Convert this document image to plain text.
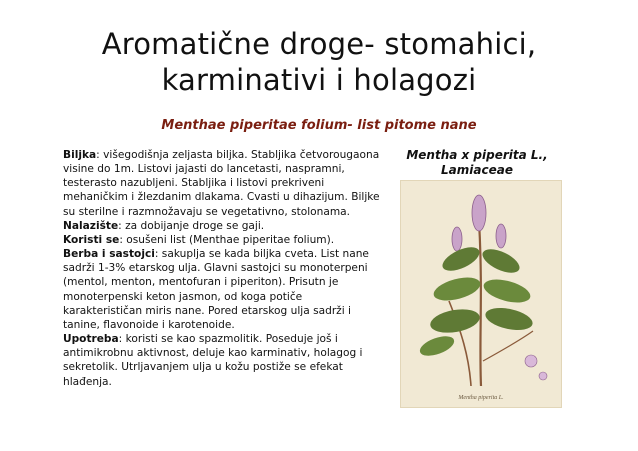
Aromatične droge- stomahici,
karminativi i holagozi
Menthae piperitae folium- list pitome nane

Biljka: višegodišnja zeljasta biljka. Stabljika četvorougaona visine do 1m. Listovi jajasti do lancetasti, naspramni, testerasto nazubljeni. Stabljika i listovi prekriveni mehaničkim i žlezdanim dlakama. Cvasti u dihazijum. Biljke su sterilne i razmnožavaju se vegetativno, stolonama.

Nalazište: za dobijanje droge se gaji.

Koristi se: osušeni list (Menthae piperitae folium).

Berba i sastojci: sakuplja se kada biljka cveta. List nane sadrži 1-3% etarskog ulja. Glavni sastojci su monoterpeni (mentol, menton, mentofuran i piperiton). Prisutn je monoterpenski keton jasmon, od koga potiče karakterističan miris nane. Pored etarskog ulja sadrži i tanine, flavonoide i karotenoide.

Upotreba: koristi se kao spazmolitik. Poseduje još i antimikrobnu aktivnost, deluje kao karminativ, holagog i sekretolik. Utrljavanjem ulja u kožu postiže se efekat hlađenja.

Mentha x piperita L.,
Lamiaceae
Mentha piperita L.
